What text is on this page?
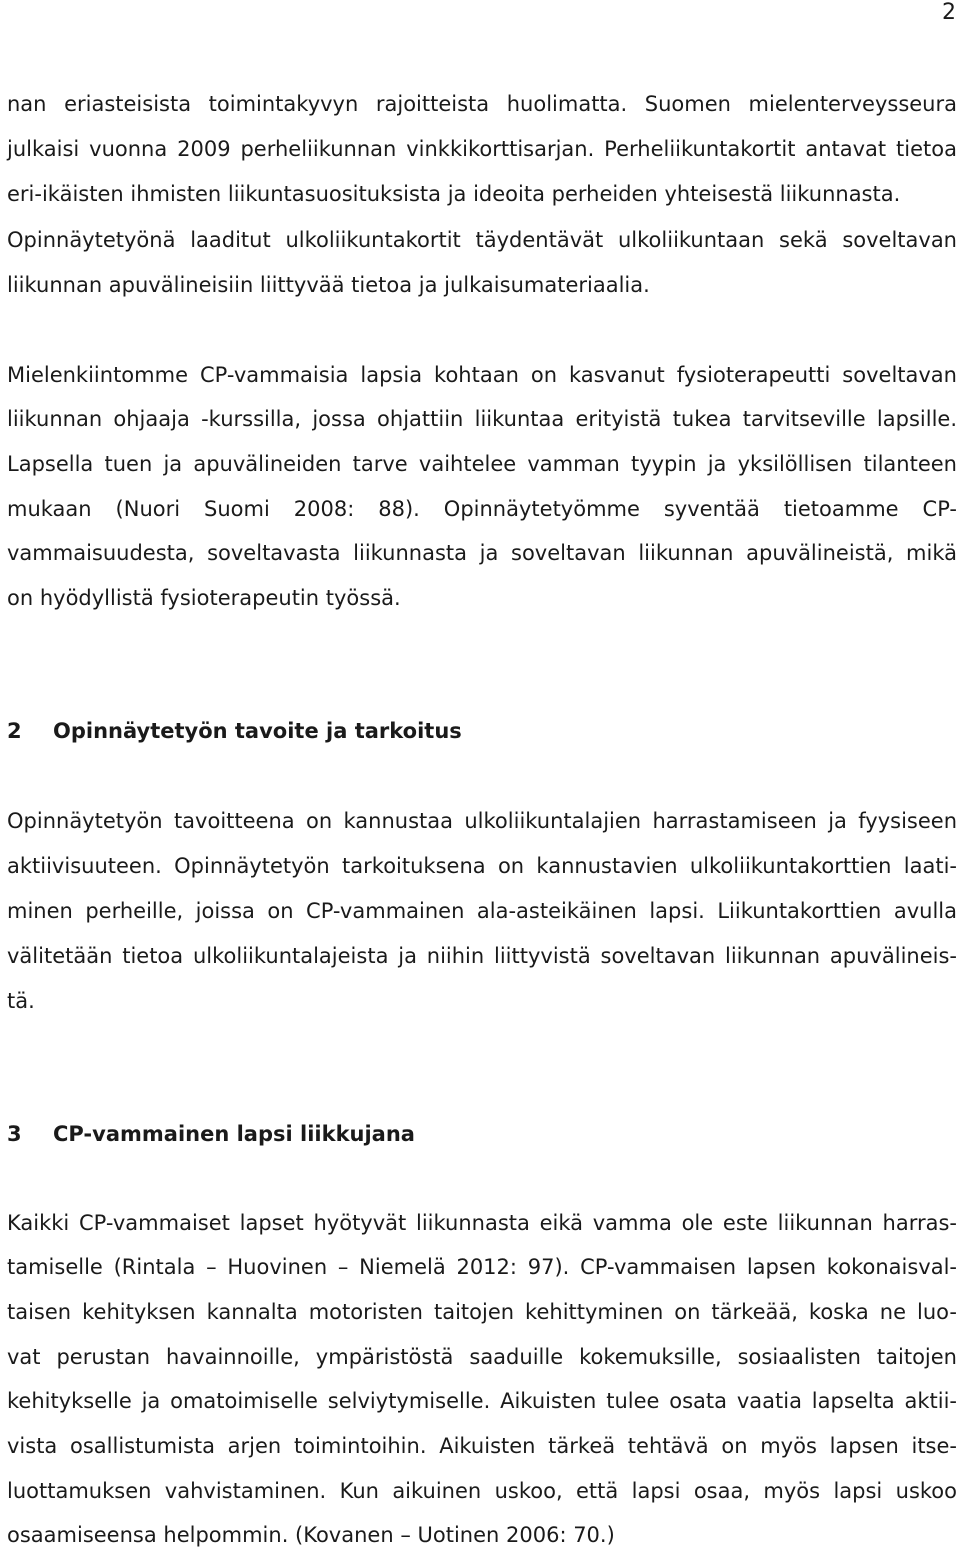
2

nan eriasteisista toimintakyvyn rajoitteista huolimatta. Suomen mielenterveysseura

julkaisi vuonna 2009 perheliikunnan vinkkikorttisarjan. Perheliikuntakortit antavat tietoa

eri-ikäisten ihmisten liikuntasuosituksista ja ideoita perheiden yhteisestä liikunnasta.

Opinnäytetyönä laaditut ulkoliikuntakortit täydentävät ulkoliikuntaan sekä soveltavan

liikunnan apuvälineisiin liittyvää tietoa ja julkaisumateriaalia.

Mielenkiintomme CP-vammaisia lapsia kohtaan on kasvanut fysioterapeutti soveltavan

liikunnan ohjaaja -kurssilla, jossa ohjattiin liikuntaa erityistä tukea tarvitseville lapsille.

Lapsella tuen ja apuvälineiden tarve vaihtelee vamman tyypin ja yksilöllisen tilanteen

mukaan (Nuori Suomi 2008: 88). Opinnäytetyömme syventää tietoamme CP-

vammaisuudesta, soveltavasta liikunnasta ja soveltavan liikunnan apuvälineistä, mikä

on hyödyllistä fysioterapeutin työssä.

2 Opinnäytetyön tavoite ja tarkoitus

Opinnäytetyön tavoitteena on kannustaa ulkoliikuntalajien harrastamiseen ja fyysiseen

aktiivisuuteen. Opinnäytetyön tarkoituksena on kannustavien ulkoliikuntakorttien laati-

minen perheille, joissa on CP-vammainen ala-asteikäinen lapsi. Liikuntakorttien avulla

välitetään tietoa ulkoliikuntalajeista ja niihin liittyvistä soveltavan liikunnan apuvälineis-

tä.

3 CP-vammainen lapsi liikkujana

Kaikki CP-vammaiset lapset hyötyvät liikunnasta eikä vamma ole este liikunnan harras-

tamiselle (Rintala – Huovinen – Niemelä 2012: 97). CP-vammaisen lapsen kokonaisval-

taisen kehityksen kannalta motoristen taitojen kehittyminen on tärkeää, koska ne luo-

vat perustan havainnoille, ympäristöstä saaduille kokemuksille, sosiaalisten taitojen

kehitykselle ja omatoimiselle selviytymiselle. Aikuisten tulee osata vaatia lapselta aktii-

vista osallistumista arjen toimintoihin. Aikuisten tärkeä tehtävä on myös lapsen itse-

luottamuksen vahvistaminen. Kun aikuinen uskoo, että lapsi osaa, myös lapsi uskoo

osaamiseensa helpommin. (Kovanen – Uotinen 2006: 70.)
